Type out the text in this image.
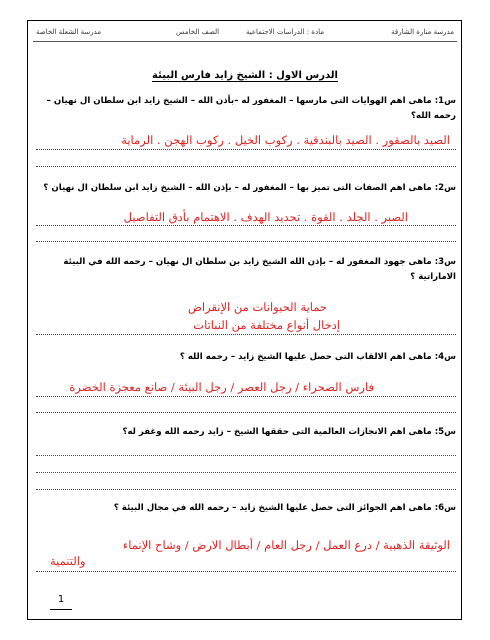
مدرسة منارة الشارقة
مادة : الدراسات الاجتماعية
الصف الخامس
مدرسة الشعلة الخاصة
الدرس الاول : الشيخ زايد فارس البيئة
س1: ماهى اهم الهوايات التى مارسها – المغفور له –بأذن الله – الشيخ زايد ابن سلطان ال نهيان – رحمه الله؟
الصيد بالصقور . الصيد بالبندقية . ركوب الخيل . ركوب الهجن . الرماية
س2: ماهى اهم الصفات التى تميز بها – المغفور له – بإذن الله – الشيخ زايد ابن سلطان ال نهيان ؟
الصبر . الجلد . القوة . تحديد الهدف . الاهتمام بأدق التفاصيل
س3: ماهى جهود المغفور له – بإذن الله الشيخ زايد بن سلطان ال نهيان – رحمه الله في البيئة الاماراتية ؟
حماية الحيوانات من الإنقراض
إدخال أنواع مختلفة من النباتات
س4: ماهى اهم الالقاب التى حصل عليها الشيخ زايد – رحمه الله ؟
فارس الصحراء / رجل العصر / رجل البيئة / صانع معجزة الخضرة
س5: ماهى اهم الانجازات العالمية التى حققها الشيخ – زايد رحمه الله وغفر له؟
س6: ماهى اهم الجوائز التى حصل عليها الشيخ زايد – رحمه الله في مجال البيئة ؟
الوثيقة الذهبية / درع العمل / رجل العام / أبطال الارض / وشاح الإنماء
والتنمية
1
